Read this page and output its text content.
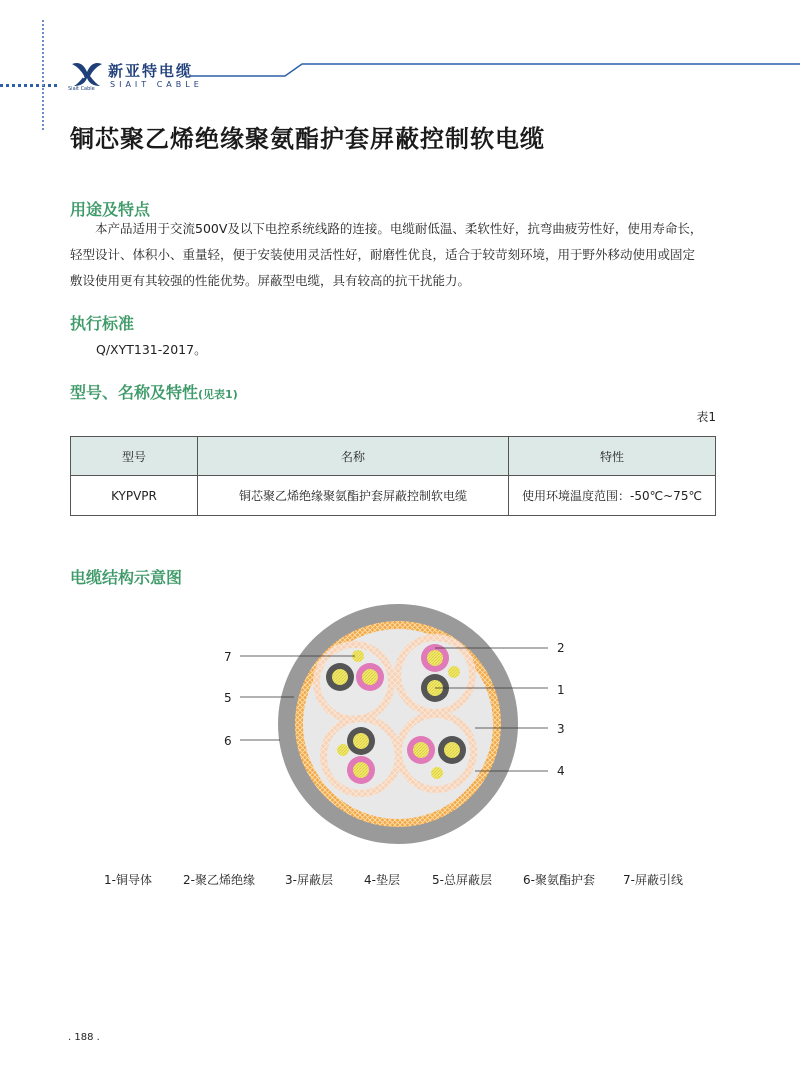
Siait Cable
新亚特电缆
SIAIT CABLE
铜芯聚乙烯绝缘聚氨酯护套屏蔽控制软电缆
用途及特点
本产品适用于交流500V及以下电控系统线路的连接。电缆耐低温、柔软性好，抗弯曲疲劳性好，使用寿命长，
轻型设计、体积小、重量轻，便于安装使用灵活性好，耐磨性优良，适合于较苛刻环境，用于野外移动使用或固定
敷设使用更有其较强的性能优势。屏蔽型电缆，具有较高的抗干扰能力。
执行标准
Q/XYT131-2017。
型号、名称及特性(见表1)
表1
型号	名称	特性
KYPVPR	铜芯聚乙烯绝缘聚氨酯护套屏蔽控制软电缆	使用环境温度范围：-50℃~75℃
电缆结构示意图
7
5
6
2
1
3
4
1-铜导体	2-聚乙烯绝缘	3-屏蔽层	4-垫层	5-总屏蔽层	6-聚氨酯护套 7-屏蔽引线
. 188 .
